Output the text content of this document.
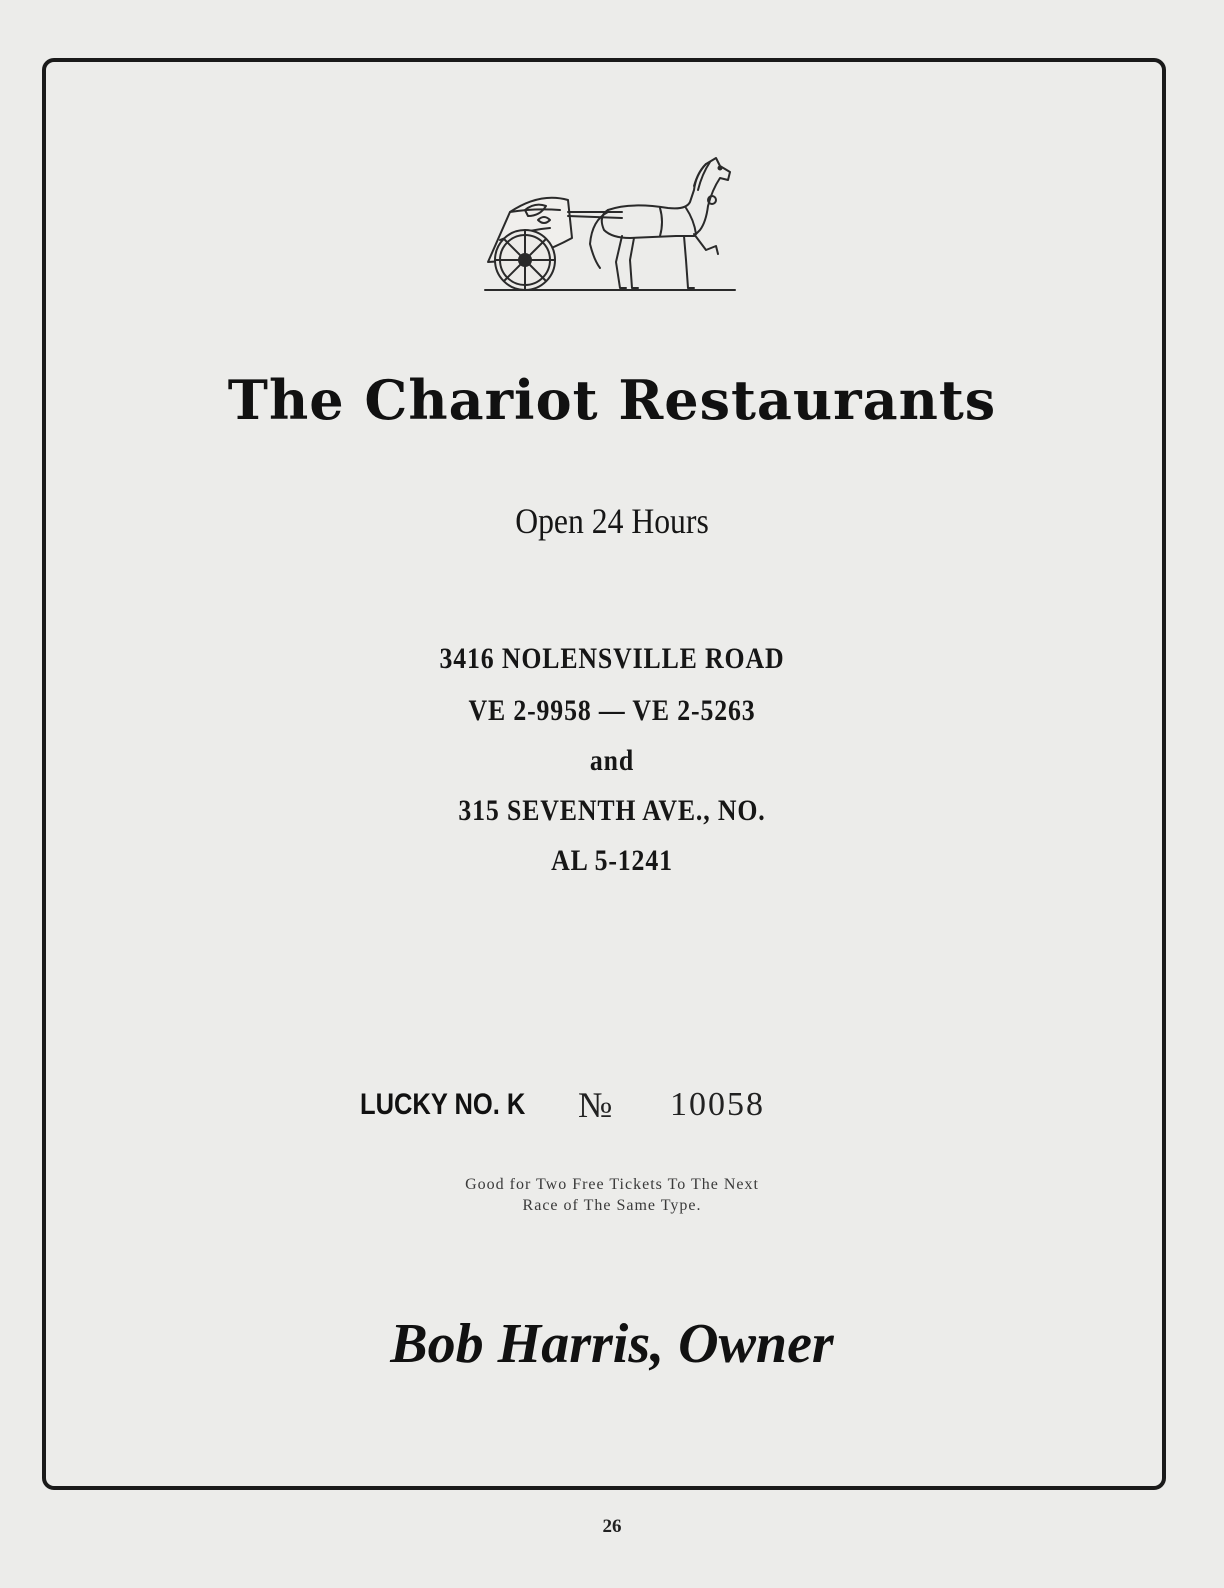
The Chariot Restaurants
Open 24 Hours
3416 NOLENSVILLE ROAD
VE 2-9958 — VE 2-5263
and
315 SEVENTH AVE., NO.
AL 5-1241
LUCKY NO. K № 10058
Good for Two Free Tickets To The Next
Race of The Same Type.
Bob Harris, Owner
26
